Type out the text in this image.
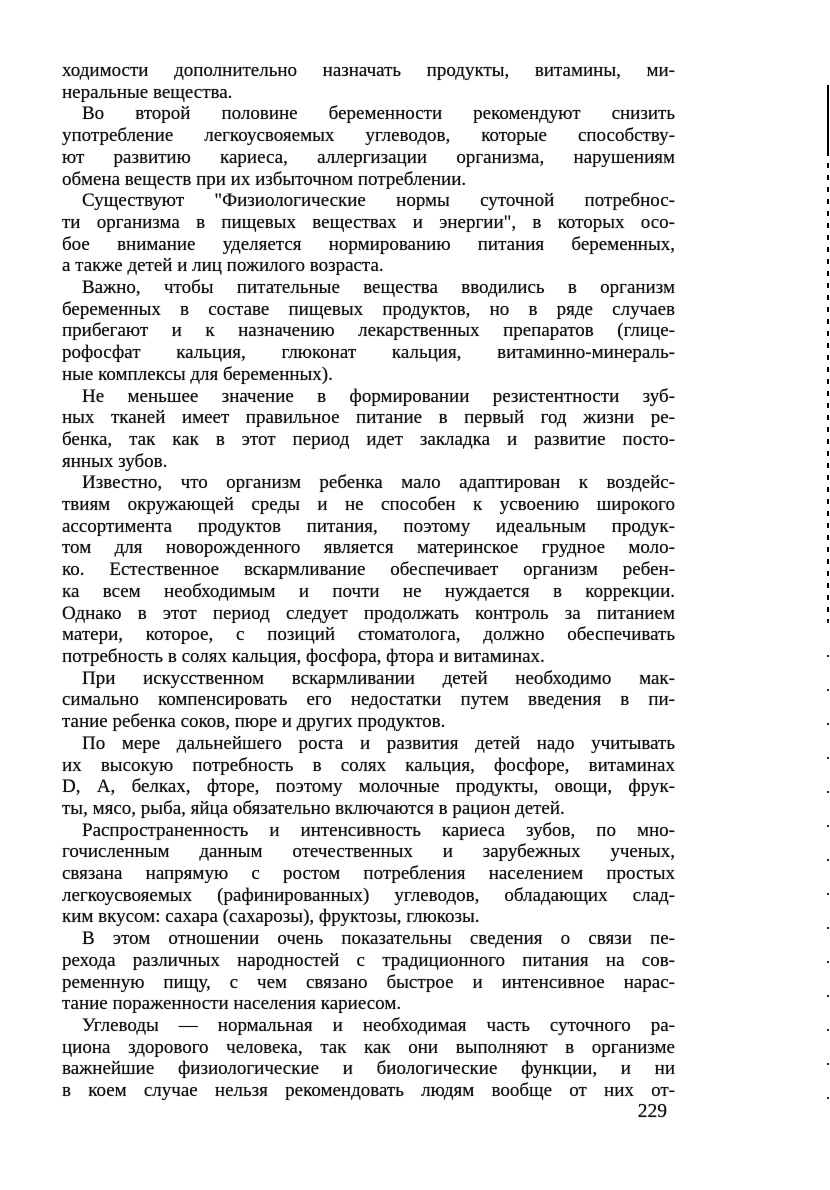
ходимости дополнительно назначать продукты, витамины, ми-
неральные вещества.
Во второй половине беременности рекомендуют снизить
употребление легкоусвояемых углеводов, которые способству-
ют развитию кариеса, аллергизации организма, нарушениям
обмена веществ при их избыточном потреблении.
Существуют "Физиологические нормы суточной потребнос-
ти организма в пищевых веществах и энергии", в которых осо-
бое внимание уделяется нормированию питания беременных,
а также детей и лиц пожилого возраста.
Важно, чтобы питательные вещества вводились в организм
беременных в составе пищевых продуктов, но в ряде случаев
прибегают и к назначению лекарственных препаратов (глице-
рофосфат кальция, глюконат кальция, витаминно-минераль-
ные комплексы для беременных).
Не меньшее значение в формировании резистентности зуб-
ных тканей имеет правильное питание в первый год жизни ре-
бенка, так как в этот период идет закладка и развитие посто-
янных зубов.
Известно, что организм ребенка мало адаптирован к воздейс-
твиям окружающей среды и не способен к усвоению широкого
ассортимента продуктов питания, поэтому идеальным продук-
том для новорожденного является материнское грудное моло-
ко. Естественное вскармливание обеспечивает организм ребен-
ка всем необходимым и почти не нуждается в коррекции.
Однако в этот период следует продолжать контроль за питанием
матери, которое, с позиций стоматолога, должно обеспечивать
потребность в солях кальция, фосфора, фтора и витаминах.
При искусственном вскармливании детей необходимо мак-
симально компенсировать его недостатки путем введения в пи-
тание ребенка соков, пюре и других продуктов.
По мере дальнейшего роста и развития детей надо учитывать
их высокую потребность в солях кальция, фосфоре, витаминах
D, А, белках, фторе, поэтому молочные продукты, овощи, фрук-
ты, мясо, рыба, яйца обязательно включаются в рацион детей.
Распространенность и интенсивность кариеса зубов, по мно-
гочисленным данным отечественных и зарубежных ученых,
связана напрямую с ростом потребления населением простых
легкоусвояемых (рафинированных) углеводов, обладающих слад-
ким вкусом: сахара (сахарозы), фруктозы, глюкозы.
В этом отношении очень показательны сведения о связи пе-
рехода различных народностей с традиционного питания на сов-
ременную пищу, с чем связано быстрое и интенсивное нарас-
тание пораженности населения кариесом.
Углеводы — нормальная и необходимая часть суточного ра-
циона здорового человека, так как они выполняют в организме
важнейшие физиологические и биологические функции, и ни
в коем случае нельзя рекомендовать людям вообще от них от-
229
